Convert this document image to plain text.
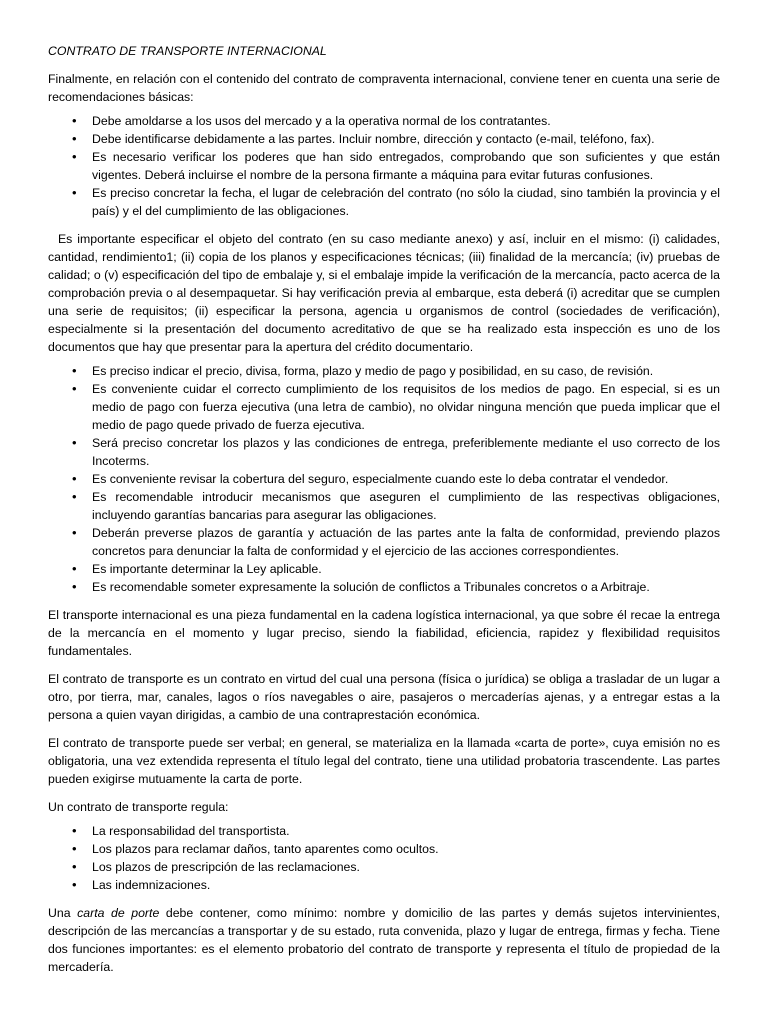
CONTRATO DE TRANSPORTE INTERNACIONAL

Finalmente, en relación con el contenido del contrato de compraventa internacional, conviene tener en cuenta una serie de recomendaciones básicas:

• Debe amoldarse a los usos del mercado y a la operativa normal de los contratantes.
• Debe identificarse debidamente a las partes. Incluir nombre, dirección y contacto (e-mail, teléfono, fax).
• Es necesario verificar los poderes que han sido entregados, comprobando que son suficientes y que están vigentes. Deberá incluirse el nombre de la persona firmante a máquina para evitar futuras confusiones.
• Es preciso concretar la fecha, el lugar de celebración del contrato (no sólo la ciudad, sino también la provincia y el país) y el del cumplimiento de las obligaciones.

Es importante especificar el objeto del contrato (en su caso mediante anexo) y así, incluir en el mismo: (i) calidades, cantidad, rendimiento1; (ii) copia de los planos y especificaciones técnicas; (iii) finalidad de la mercancía; (iv) pruebas de calidad; o (v) especificación del tipo de embalaje y, si el embalaje impide la verificación de la mercancía, pacto acerca de la comprobación previa o al desempaquetar. Si hay verificación previa al embarque, esta deberá (i) acreditar que se cumplen una serie de requisitos; (ii) especificar la persona, agencia u organismos de control (sociedades de verificación), especialmente si la presentación del documento acreditativo de que se ha realizado esta inspección es uno de los documentos que hay que presentar para la apertura del crédito documentario.

• Es preciso indicar el precio, divisa, forma, plazo y medio de pago y posibilidad, en su caso, de revisión.
• Es conveniente cuidar el correcto cumplimiento de los requisitos de los medios de pago. En especial, si es un medio de pago con fuerza ejecutiva (una letra de cambio), no olvidar ninguna mención que pueda implicar que el medio de pago quede privado de fuerza ejecutiva.
• Será preciso concretar los plazos y las condiciones de entrega, preferiblemente mediante el uso correcto de los Incoterms.
• Es conveniente revisar la cobertura del seguro, especialmente cuando este lo deba contratar el vendedor.
• Es recomendable introducir mecanismos que aseguren el cumplimiento de las respectivas obligaciones, incluyendo garantías bancarias para asegurar las obligaciones.
• Deberán preverse plazos de garantía y actuación de las partes ante la falta de conformidad, previendo plazos concretos para denunciar la falta de conformidad y el ejercicio de las acciones correspondientes.
• Es importante determinar la Ley aplicable.
• Es recomendable someter expresamente la solución de conflictos a Tribunales concretos o a Arbitraje.

El transporte internacional es una pieza fundamental en la cadena logística internacional, ya que sobre él recae la entrega de la mercancía en el momento y lugar preciso, siendo la fiabilidad, eficiencia, rapidez y flexibilidad requisitos fundamentales.

El contrato de transporte es un contrato en virtud del cual una persona (física o jurídica) se obliga a trasladar de un lugar a otro, por tierra, mar, canales, lagos o ríos navegables o aire, pasajeros o mercaderías ajenas, y a entregar estas a la persona a quien vayan dirigidas, a cambio de una contraprestación económica.

El contrato de transporte puede ser verbal; en general, se materializa en la llamada «carta de porte», cuya emisión no es obligatoria, una vez extendida representa el título legal del contrato, tiene una utilidad probatoria trascendente. Las partes pueden exigirse mutuamente la carta de porte.

Un contrato de transporte regula:

• La responsabilidad del transportista.
• Los plazos para reclamar daños, tanto aparentes como ocultos.
• Los plazos de prescripción de las reclamaciones.
• Las indemnizaciones.

Una carta de porte debe contener, como mínimo: nombre y domicilio de las partes y demás sujetos intervinientes, descripción de las mercancías a transportar y de su estado, ruta convenida, plazo y lugar de entrega, firmas y fecha. Tiene dos funciones importantes: es el elemento probatorio del contrato de transporte y representa el título de propiedad de la mercadería.
